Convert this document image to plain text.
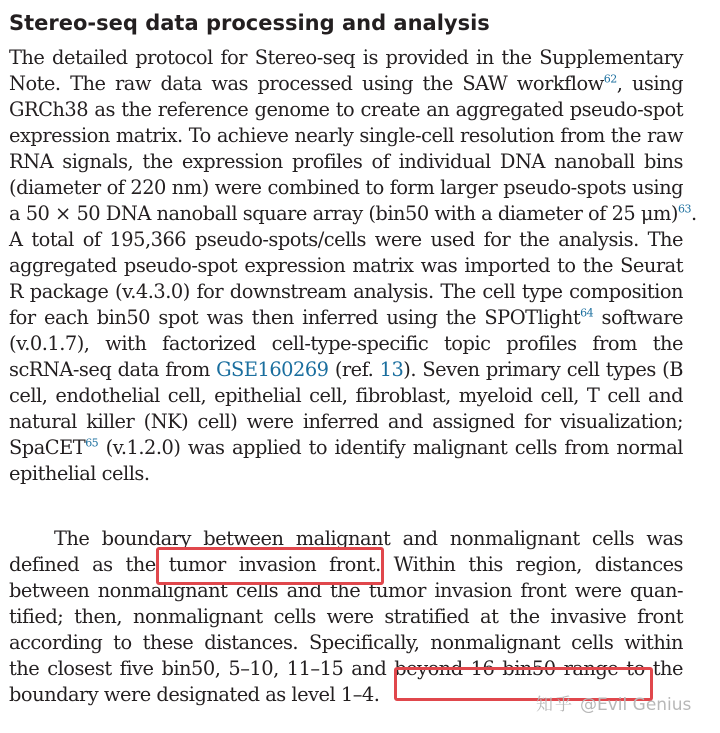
Stereo-seq data processing and analysis
The detailed protocol for Stereo-seq is provided in the Supplementary
Note. The raw data was processed using the SAW workflow$^{62}$, using
GRCh38 as the reference genome to create an aggregated pseudo-spot
expression matrix. To achieve nearly single-cell resolution from the raw
RNA signals, the expression profiles of individual DNA nanoball bins
(diameter of 220 nm) were combined to form larger pseudo-spots using
a 50 × 50 DNA nanoball square array (bin50 with a diameter of 25 μm)$^{63}$.
A total of 195,366 pseudo-spots/cells were used for the analysis. The
aggregated pseudo-spot expression matrix was imported to the Seurat
R package (v.4.3.0) for downstream analysis. The cell type composition
for each bin50 spot was then inferred using the SPOTlight$^{64}$ software
(v.0.1.7), with factorized cell-type-specific topic profiles from the
scRNA-seq data from GSE160269 (ref. 13). Seven primary cell types (B
cell, endothelial cell, epithelial cell, fibroblast, myeloid cell, T cell and
natural killer (NK) cell) were inferred and assigned for visualization;
SpaCET$^{65}$ (v.1.2.0) was applied to identify malignant cells from normal
epithelial cells.
The boundary between malignant and nonmalignant cells was
defined as the tumor invasion front. Within this region, distances
between nonmalignant cells and the tumor invasion front were quan-
tified; then, nonmalignant cells were stratified at the invasive front
according to these distances. Specifically, nonmalignant cells within
the closest five bin50, 5–10, 11–15 and beyond 16 bin50 range to the
boundary were designated as level 1–4.	知乎 @Evil Genius
